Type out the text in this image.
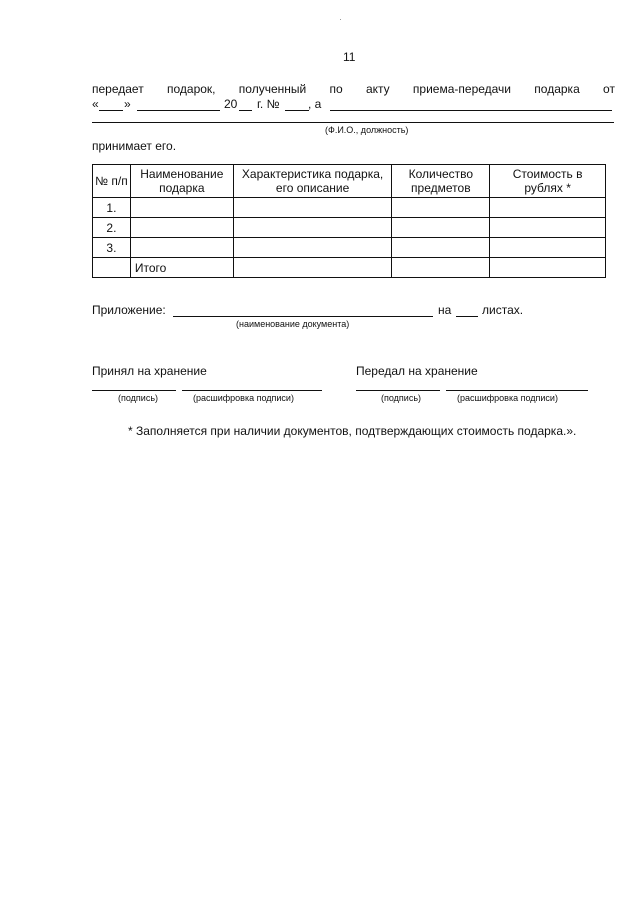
11
передает подарок, полученный по акту приема-передачи подарка от
« »	20 г. № , а
(Ф.И.О., должность)
принимает его.
№ п/п	Наименование подарка	Характеристика подарка, его описание	Количество предметов	Стоимость в рублях *
1.				
2.				
3.				
	Итого			
Приложение:	на	листах.
(наименование документа)
Принял на хранение	Передал на хранение
(подпись)	(расшифровка подписи)	(подпись)	(расшифровка подписи)
* Заполняется при наличии документов, подтверждающих стоимость подарка.».
